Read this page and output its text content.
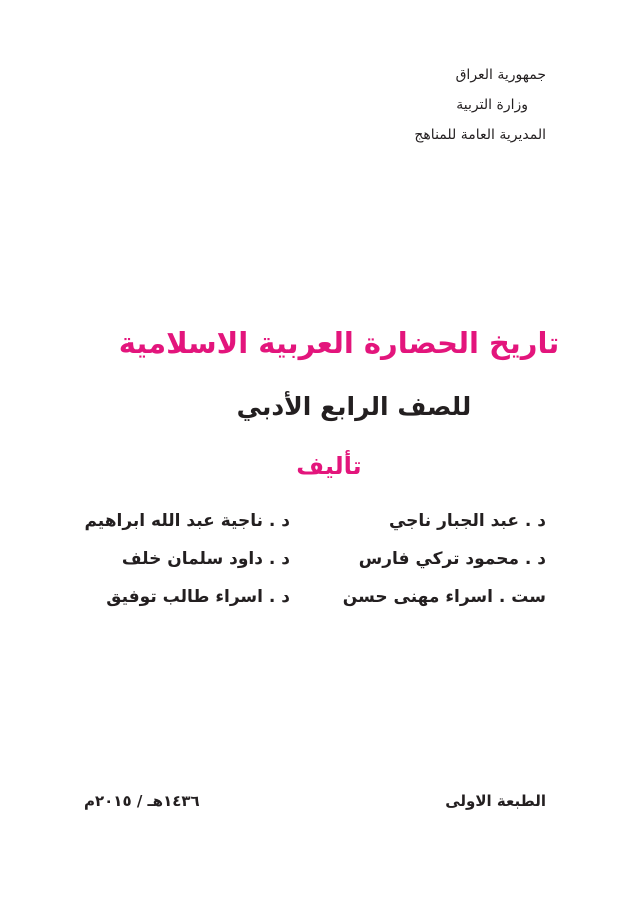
جمهورية العراق
وزارة التربية
المديرية العامة للمناهج
تاريخ الحضارة العربية الاسلامية
للصف الرابع الأدبي
تأليف
د . عبد الجبار ناجي
د . محمود تركي فارس
ست . اسراء مهنى حسن
د . ناجية عبد الله ابراهيم
د . داود سلمان خلف
د . اسراء طالب توفيق
الطبعة الاولى
١٤٣٦هـ / ٢٠١٥م
